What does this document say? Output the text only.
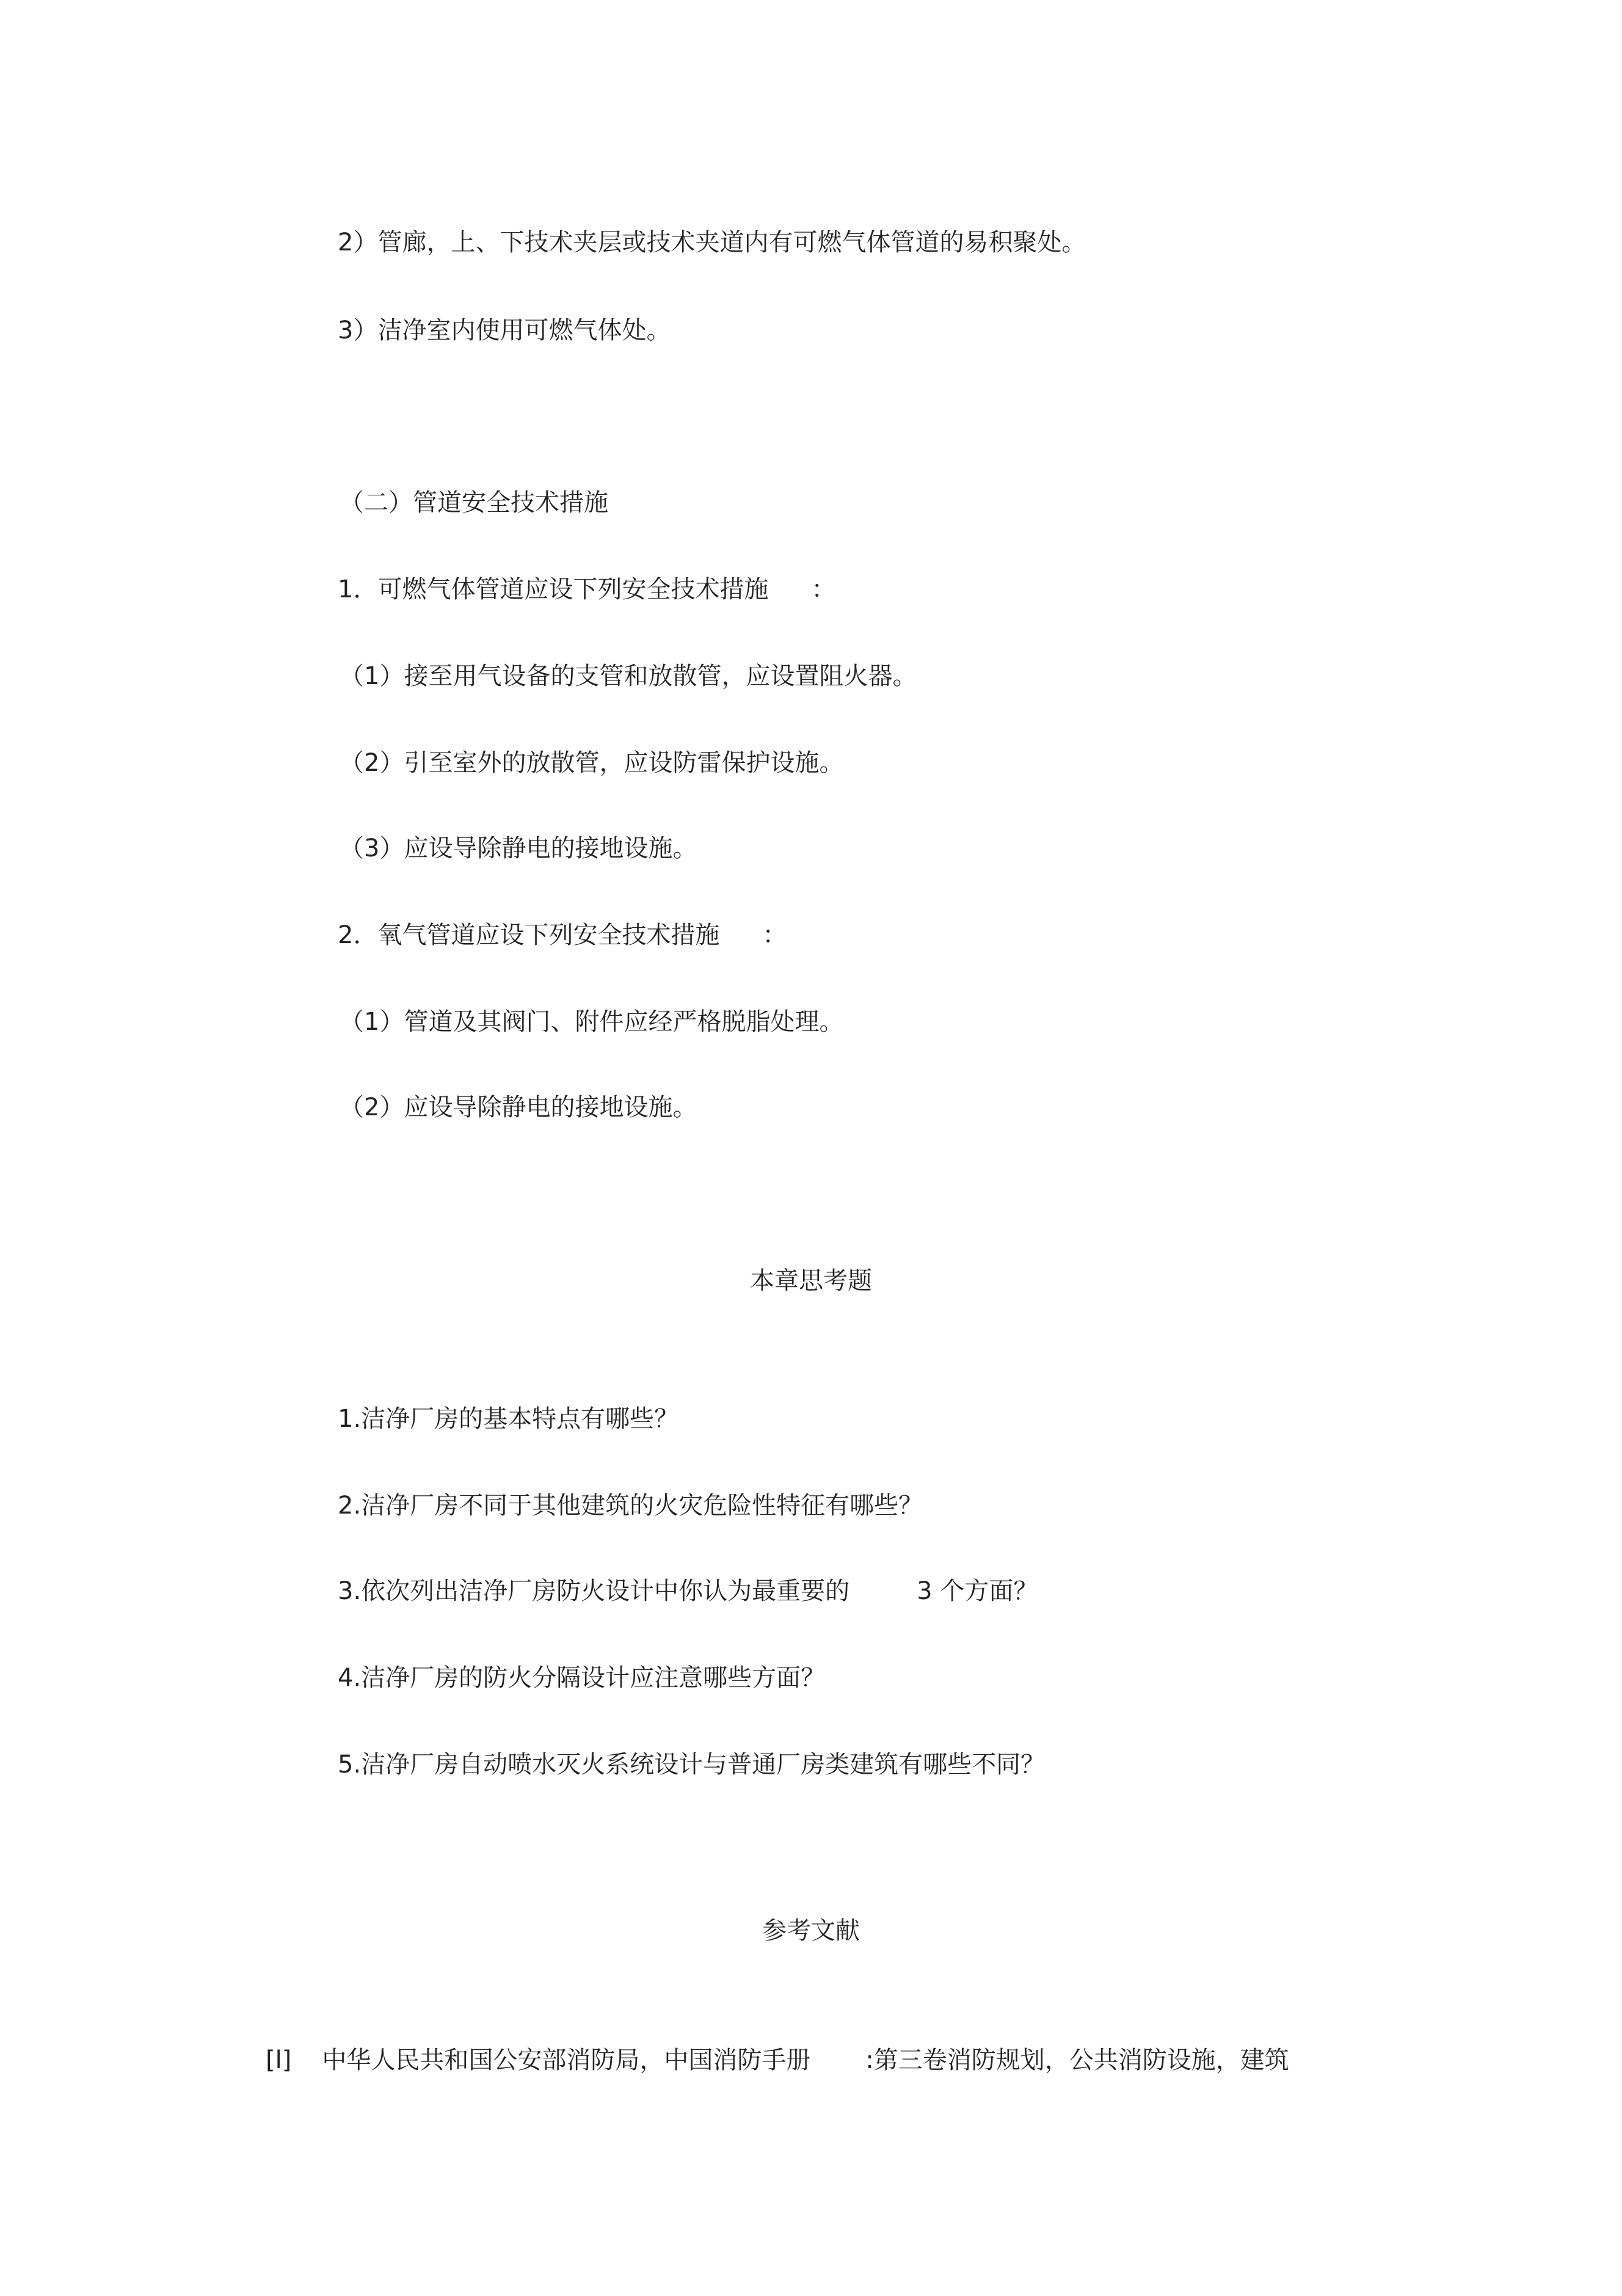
2）管廊，上、下技术夹层或技术夹道内有可燃气体管道的易积聚处。
3）洁净室内使用可燃气体处。
（二）管道安全技术措施
1．可燃气体管道应设下列安全技术措施 ：
（1）接至用气设备的支管和放散管，应设置阻火器。
（2）引至室外的放散管，应设防雷保护设施。
（3）应设导除静电的接地设施。
2．氧气管道应设下列安全技术措施 ：
（1）管道及其阀门、附件应经严格脱脂处理。
（2）应设导除静电的接地设施。
本章思考题
1.洁净厂房的基本特点有哪些？
2.洁净厂房不同于其他建筑的火灾危险性特征有哪些？
3.依次列出洁净厂房防火设计中你认为最重要的	3 个方面？
4.洁净厂房的防火分隔设计应注意哪些方面？
5.洁净厂房自动喷水灭火系统设计与普通厂房类建筑有哪些不同？
参考文献
[l] 中华人民共和国公安部消防局，中国消防手册 :第三卷消防规划，公共消防设施，建筑
